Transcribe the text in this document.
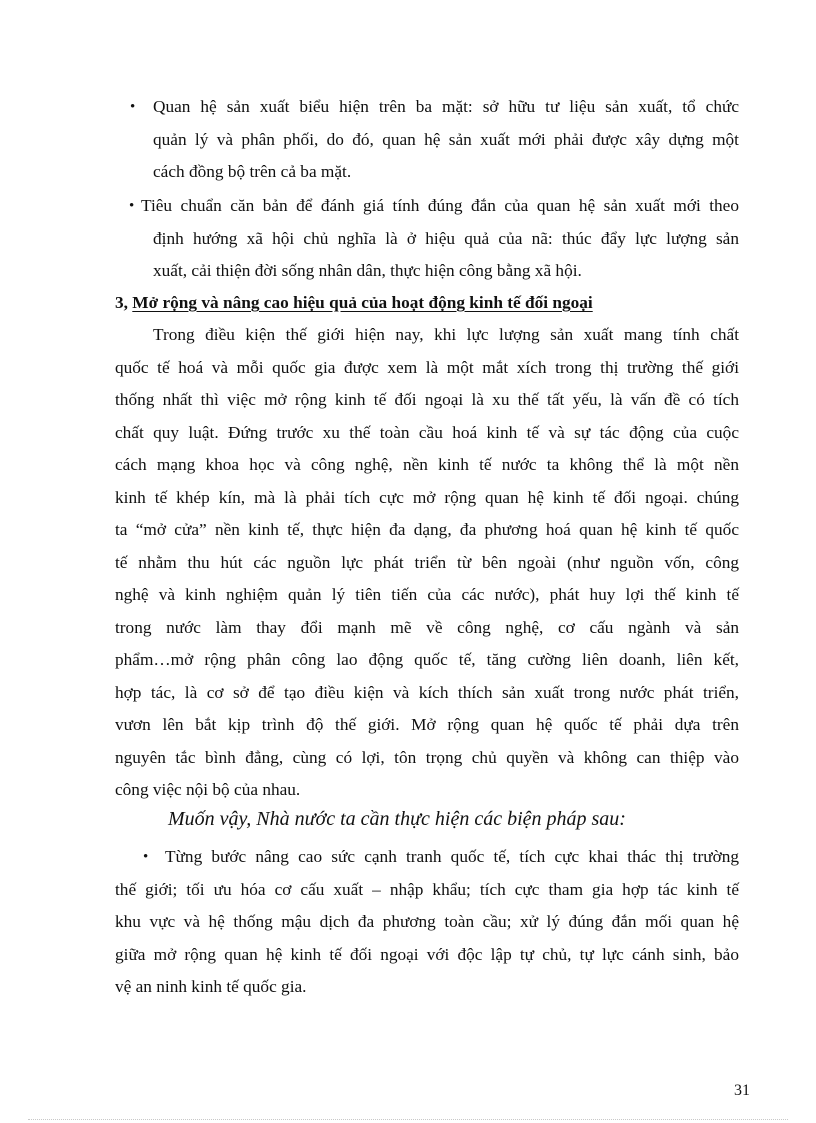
• Quan hệ sản xuất biểu hiện trên ba mặt: sở hữu tư liệu sản xuất, tổ chức
quản lý và phân phối, do đó, quan hệ sản xuất mới phải được xây dựng một
cách đồng bộ trên cả ba mặt.
• Tiêu chuẩn căn bản để đánh giá tính đúng đắn của quan hệ sản xuất mới theo
định hướng xã hội chủ nghĩa là ở hiệu quả của nã: thúc đẩy lực lượng sản
xuất, cải thiện đời sống nhân dân, thực hiện công bằng xã hội.
3, Mở rộng và nâng cao hiệu quả của hoạt động kinh tế đối ngoại
Trong điều kiện thế giới hiện nay, khi lực lượng sản xuất mang tính chất
quốc tế hoá và mỗi quốc gia được xem là một mắt xích trong thị trường thế giới
thống nhất thì việc mở rộng kinh tế đối ngoại là xu thế tất yếu, là vấn đề có tích
chất quy luật. Đứng trước xu thế toàn cầu hoá kinh tế và sự tác động của cuộc
cách mạng khoa học và công nghệ, nền kinh tế nước ta không thể là một nền
kinh tế khép kín, mà là phải tích cực mở rộng quan hệ kinh tế đối ngoại. chúng
ta “mở cửa” nền kinh tế, thực hiện đa dạng, đa phương hoá quan hệ kinh tế quốc
tế nhằm thu hút các nguồn lực phát triển từ bên ngoài (như nguồn vốn, công
nghệ và kinh nghiệm quản lý tiên tiến của các nước), phát huy lợi thế kinh tế
trong nước làm thay đổi mạnh mẽ về công nghệ, cơ cấu ngành và sản
phẩm…mở rộng phân công lao động quốc tế, tăng cường liên doanh, liên kết,
hợp tác, là cơ sở để tạo điều kiện và kích thích sản xuất trong nước phát triển,
vươn lên bắt kịp trình độ thế giới. Mở rộng quan hệ quốc tế phải dựa trên
nguyên tắc bình đẳng, cùng có lợi, tôn trọng chủ quyền và không can thiệp vào
công việc nội bộ của nhau.
Muốn vậy, Nhà nước ta cần thực hiện các biện pháp sau:
• Từng bước nâng cao sức cạnh tranh quốc tế, tích cực khai thác thị trường
thế giới; tối ưu hóa cơ cấu xuất – nhập khẩu; tích cực tham gia hợp tác kinh tế
khu vực và hệ thống mậu dịch đa phương toàn cầu; xử lý đúng đắn mối quan hệ
giữa mở rộng quan hệ kinh tế đối ngoại với độc lập tự chủ, tự lực cánh sinh, bảo
vệ an ninh kinh tế quốc gia.
31
